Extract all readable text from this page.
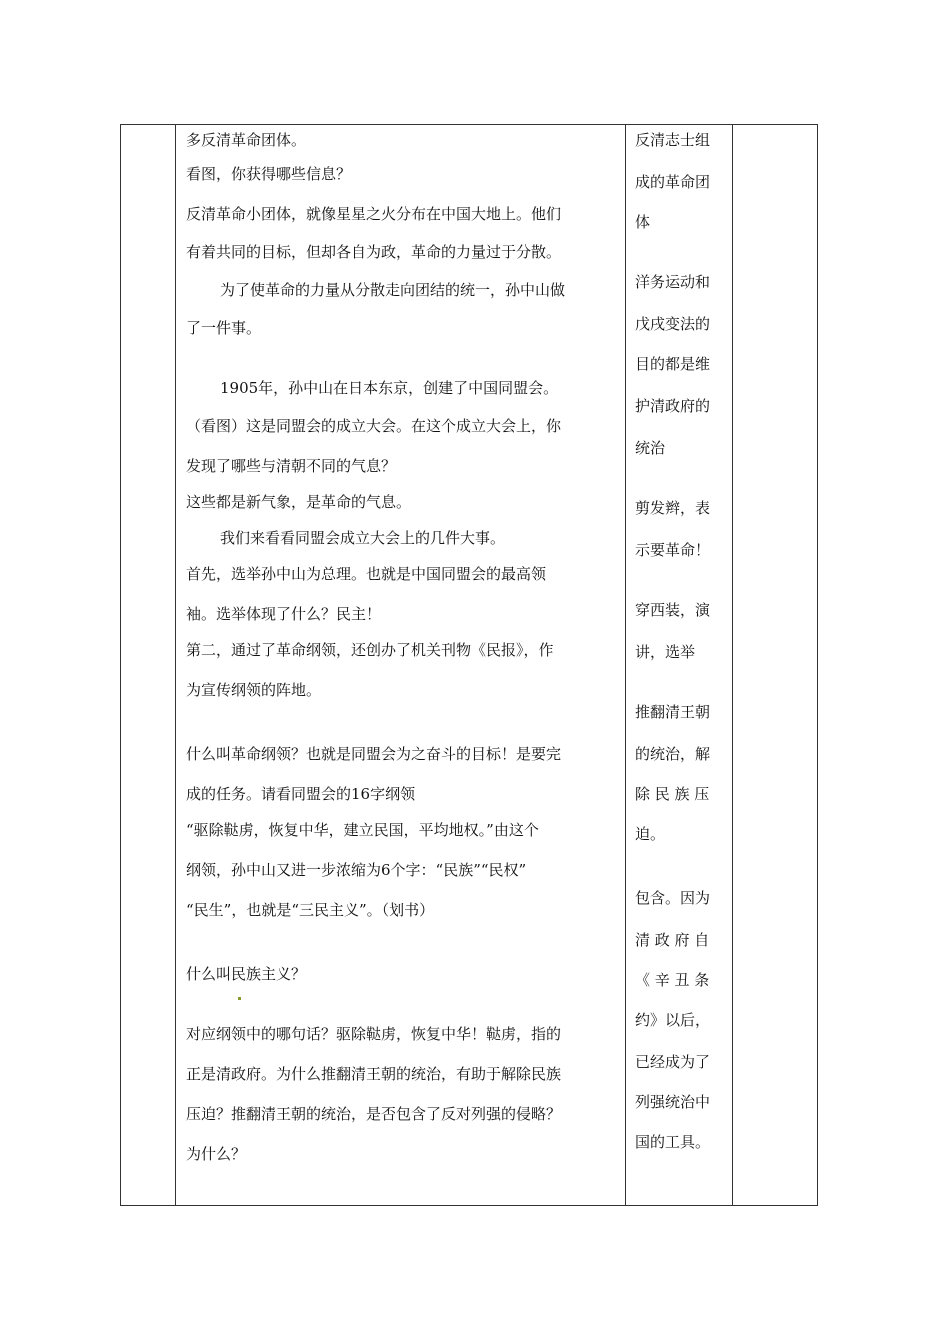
多反清革命团体。
看图，你获得哪些信息？
反清革命小团体，就像星星之火分布在中国大地上。他们
有着共同的目标，但却各自为政，革命的力量过于分散。
为了使革命的力量从分散走向团结的统一，孙中山做
了一件事。
1905年，孙中山在日本东京，创建了中国同盟会。
（看图）这是同盟会的成立大会。在这个成立大会上，你
发现了哪些与清朝不同的气息？
这些都是新气象，是革命的气息。
我们来看看同盟会成立大会上的几件大事。
首先，选举孙中山为总理。也就是中国同盟会的最高领
袖。选举体现了什么？民主！
第二，通过了革命纲领，还创办了机关刊物《民报》，作
为宣传纲领的阵地。
什么叫革命纲领？也就是同盟会为之奋斗的目标！是要完
成的任务。请看同盟会的16字纲领
“驱除鞑虏，恢复中华，建立民国，平均地权。”由这个
纲领，孙中山又进一步浓缩为6个字：“民族”“民权”
“民生”，也就是“三民主义”。（划书）
什么叫民族主义？
对应纲领中的哪句话？驱除鞑虏，恢复中华！鞑虏，指的
正是清政府。为什么推翻清王朝的统治，有助于解除民族
压迫？推翻清王朝的统治，是否包含了反对列强的侵略？
为什么？
反清志士组
成的革命团
体
洋务运动和
戊戌变法的
目的都是维
护清政府的
统治
剪发辫，表
示要革命！
穿西装，演
讲，选举
推翻清王朝
的统治，解
除 民 族 压
迫。
包含。因为
清 政 府 自
《 辛 丑 条
约》以后，
已经成为了
列强统治中
国的工具。
